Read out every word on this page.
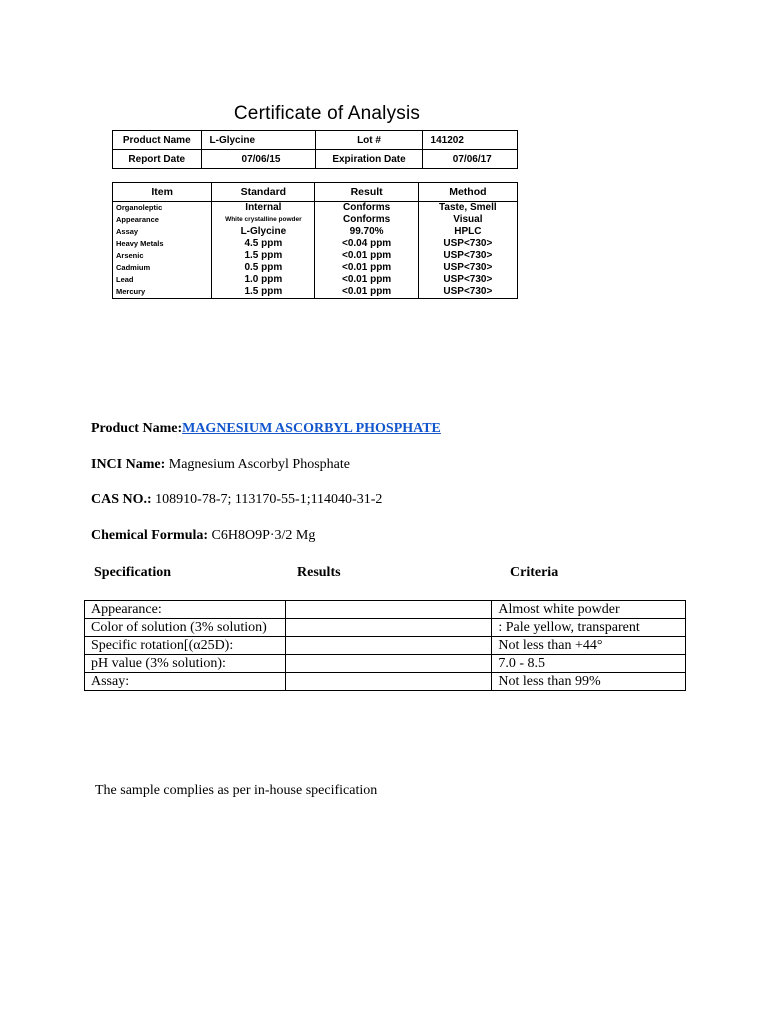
Certificate of Analysis
Product Name	L-Glycine	Lot #	141202
Report Date	07/06/15	Expiration Date	07/06/17
Item	Standard	Result	Method
Organoleptic	Internal	Conforms	Taste, Smell
Appearance	White crystalline powder	Conforms	Visual
Assay	L-Glycine	99.70%	HPLC
Heavy Metals	4.5 ppm	<0.04 ppm	USP<730>
Arsenic	1.5 ppm	<0.01 ppm	USP<730>
Cadmium	0.5 ppm	<0.01 ppm	USP<730>
Lead	1.0 ppm	<0.01 ppm	USP<730>
Mercury	1.5 ppm	<0.01 ppm	USP<730>
Product Name:MAGNESIUM ASCORBYL PHOSPHATE
INCI Name: Magnesium Ascorbyl Phosphate
CAS NO.: 108910-78-7; 113170-55-1;114040-31-2
Chemical Formula: C6H8O9P·3/2 Mg
Specification	Results	Criteria
Appearance:		Almost white powder
Color of solution (3% solution)		: Pale yellow, transparent
Specific rotation[(α25D):		Not less than +44°
pH value (3% solution):		7.0 - 8.5
Assay:		Not less than 99%
The sample complies as per in-house specification
